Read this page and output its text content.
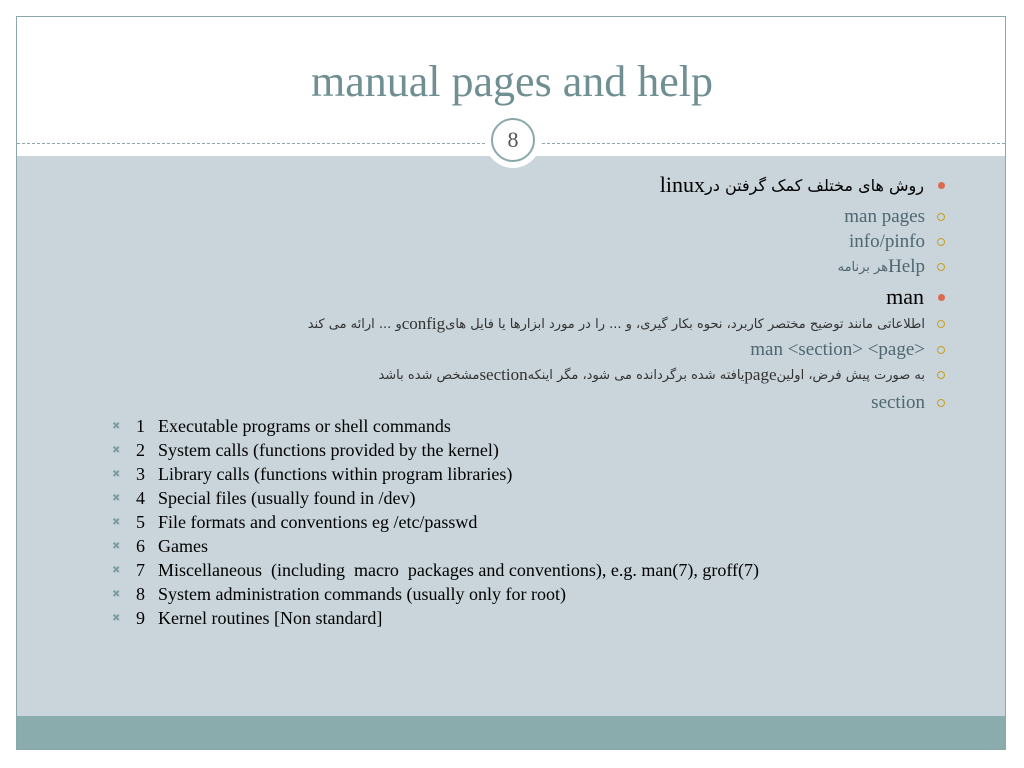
manual pages and help
8
روش های مختلف کمک گرفتن در
linux
man pages
info/pinfo
Help
هر برنامه
man
اطلاعاتی مانند توضیح مختصر کاربرد، نحوه بکار گیری، و ... را در مورد ابزارها یا فایل های
config
و ... ارائه می کند
man <section> <page>
به صورت پیش فرض، اولین
page
یافته شده برگردانده می شود، مگر اینکه
section
مشخص شده باشد
section
✖ 1 Executable programs or shell commands
✖ 2 System calls (functions provided by the kernel)
✖ 3 Library calls (functions within program libraries)
✖ 4 Special files (usually found in /dev)
✖ 5 File formats and conventions eg /etc/passwd
✖ 6 Games
✖ 7 Miscellaneous  (including  macro  packages and conventions), e.g. man(7), groff(7)
✖ 8 System administration commands (usually only for root)
✖ 9 Kernel routines [Non standard]
